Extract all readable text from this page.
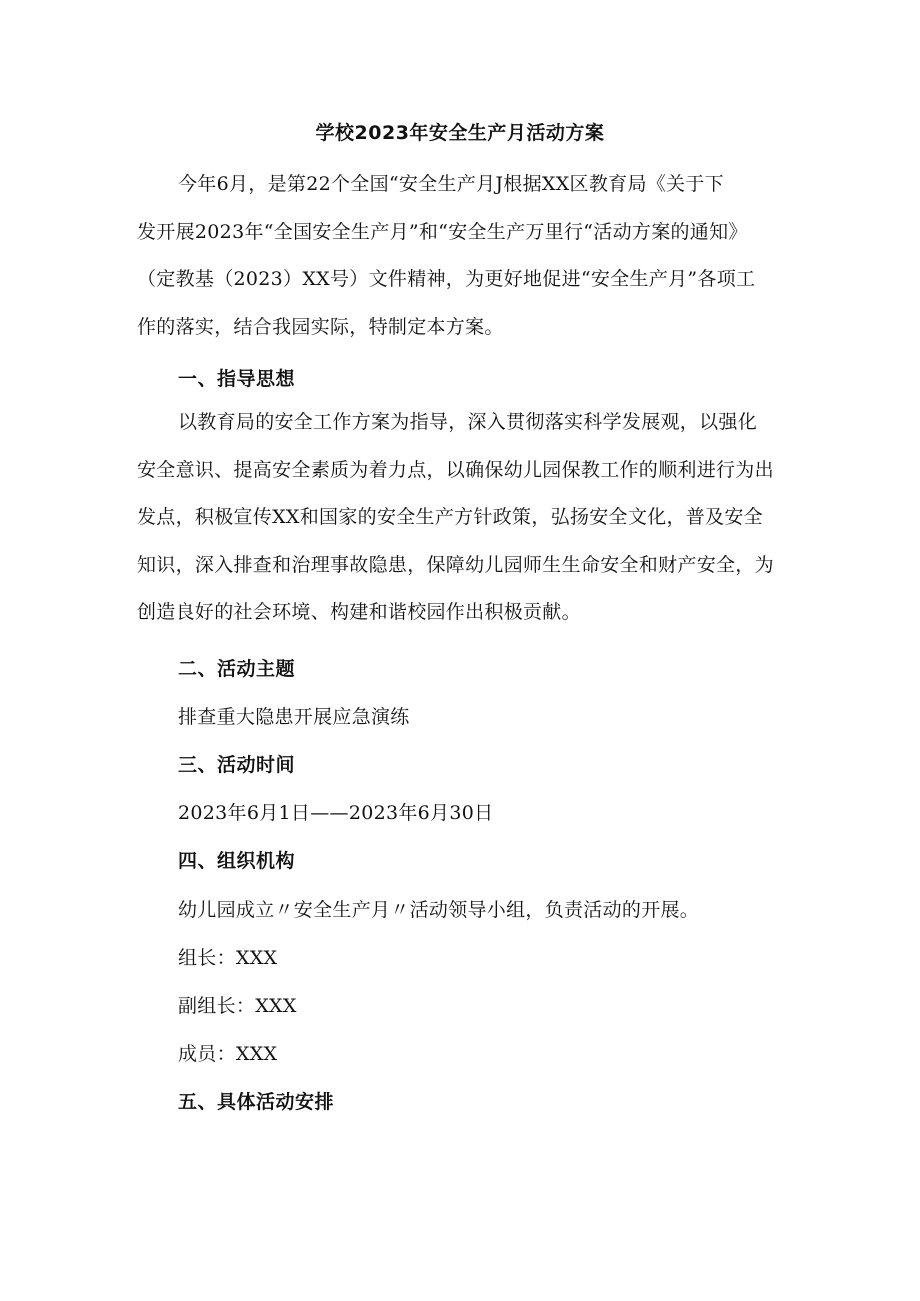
学校2023年安全生产月活动方案
今年6月，是第22个全国“安全生产月J根据XX区教育局《关于下
发开展2023年“全国安全生产月”和“安全生产万里行“活动方案的通知》
（定教基（2023）XX号）文件精神，为更好地促进“安全生产月”各项工
作的落实，结合我园实际，特制定本方案。
一、指导思想
以教育局的安全工作方案为指导，深入贯彻落实科学发展观，以强化
安全意识、提高安全素质为着力点，以确保幼儿园保教工作的顺利进行为出
发点，积极宣传XX和国家的安全生产方针政策，弘扬安全文化，普及安全
知识，深入排查和治理事故隐患，保障幼儿园师生生命安全和财产安全，为
创造良好的社会环境、构建和谐校园作出积极贡献。
二、活动主题
排查重大隐患开展应急演练
三、活动时间
2023年6月1日——2023年6月30日
四、组织机构
幼儿园成立〃安全生产月〃活动领导小组，负责活动的开展。
组长：XXX
副组长：XXX
成员：XXX
五、具体活动安排
